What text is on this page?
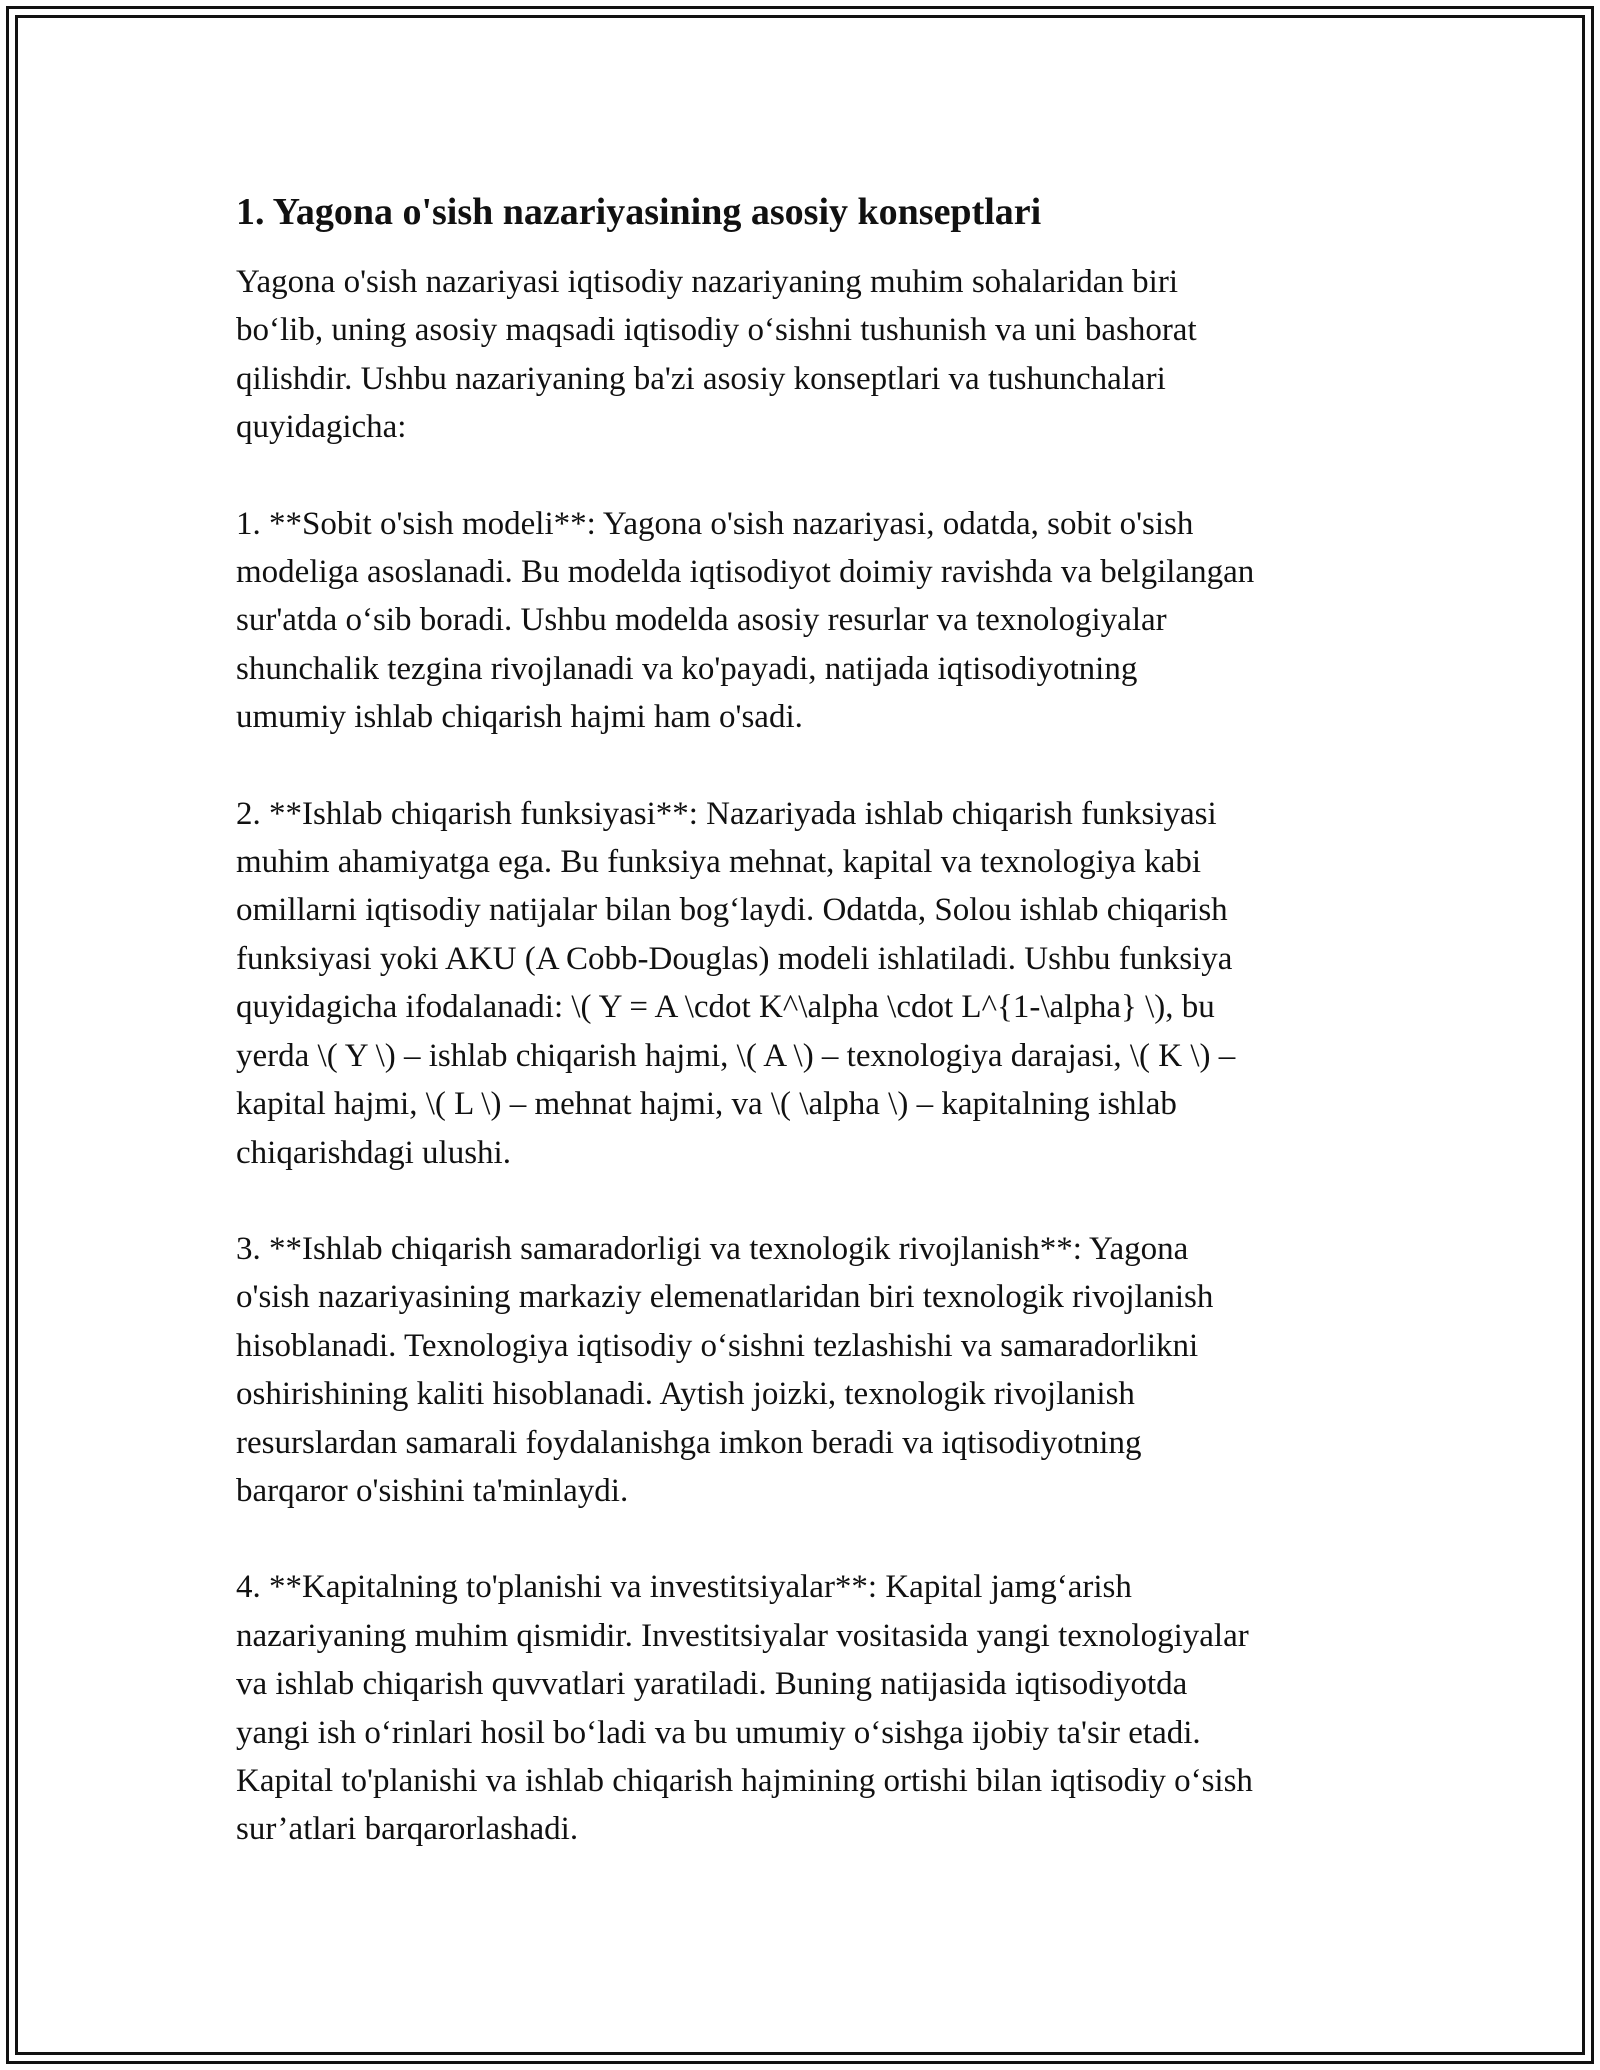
1. Yagona o'sish nazariyasining asosiy konseptlari

Yagona o'sish nazariyasi iqtisodiy nazariyaning muhim sohalaridan biri
bo‘lib, uning asosiy maqsadi iqtisodiy o‘sishni tushunish va uni bashorat
qilishdir. Ushbu nazariyaning ba'zi asosiy konseptlari va tushunchalari
quyidagicha:

1. **Sobit o'sish modeli**: Yagona o'sish nazariyasi, odatda, sobit o'sish
modeliga asoslanadi. Bu modelda iqtisodiyot doimiy ravishda va belgilangan
sur'atda o‘sib boradi. Ushbu modelda asosiy resurlar va texnologiyalar
shunchalik tezgina rivojlanadi va ko'payadi, natijada iqtisodiyotning
umumiy ishlab chiqarish hajmi ham o'sadi.

2. **Ishlab chiqarish funksiyasi**: Nazariyada ishlab chiqarish funksiyasi
muhim ahamiyatga ega. Bu funksiya mehnat, kapital va texnologiya kabi
omillarni iqtisodiy natijalar bilan bog‘laydi. Odatda, Solou ishlab chiqarish
funksiyasi yoki AKU (A Cobb-Douglas) modeli ishlatiladi. Ushbu funksiya
quyidagicha ifodalanadi: \( Y = A \cdot K^\alpha \cdot L^{1-\alpha} \), bu
yerda \( Y \) – ishlab chiqarish hajmi, \( A \) – texnologiya darajasi, \( K \) –
kapital hajmi, \( L \) – mehnat hajmi, va \( \alpha \) – kapitalning ishlab
chiqarishdagi ulushi.

3. **Ishlab chiqarish samaradorligi va texnologik rivojlanish**: Yagona
o'sish nazariyasining markaziy elemenatlaridan biri texnologik rivojlanish
hisoblanadi. Texnologiya iqtisodiy o‘sishni tezlashishi va samaradorlikni
oshirishining kaliti hisoblanadi. Aytish joizki, texnologik rivojlanish
resurslardan samarali foydalanishga imkon beradi va iqtisodiyotning
barqaror o'sishini ta'minlaydi.

4. **Kapitalning to'planishi va investitsiyalar**: Kapital jamg‘arish
nazariyaning muhim qismidir. Investitsiyalar vositasida yangi texnologiyalar
va ishlab chiqarish quvvatlari yaratiladi. Buning natijasida iqtisodiyotda
yangi ish o‘rinlari hosil bo‘ladi va bu umumiy o‘sishga ijobiy ta'sir etadi.
Kapital to'planishi va ishlab chiqarish hajmining ortishi bilan iqtisodiy o‘sish
sur’atlari barqarorlashadi.
